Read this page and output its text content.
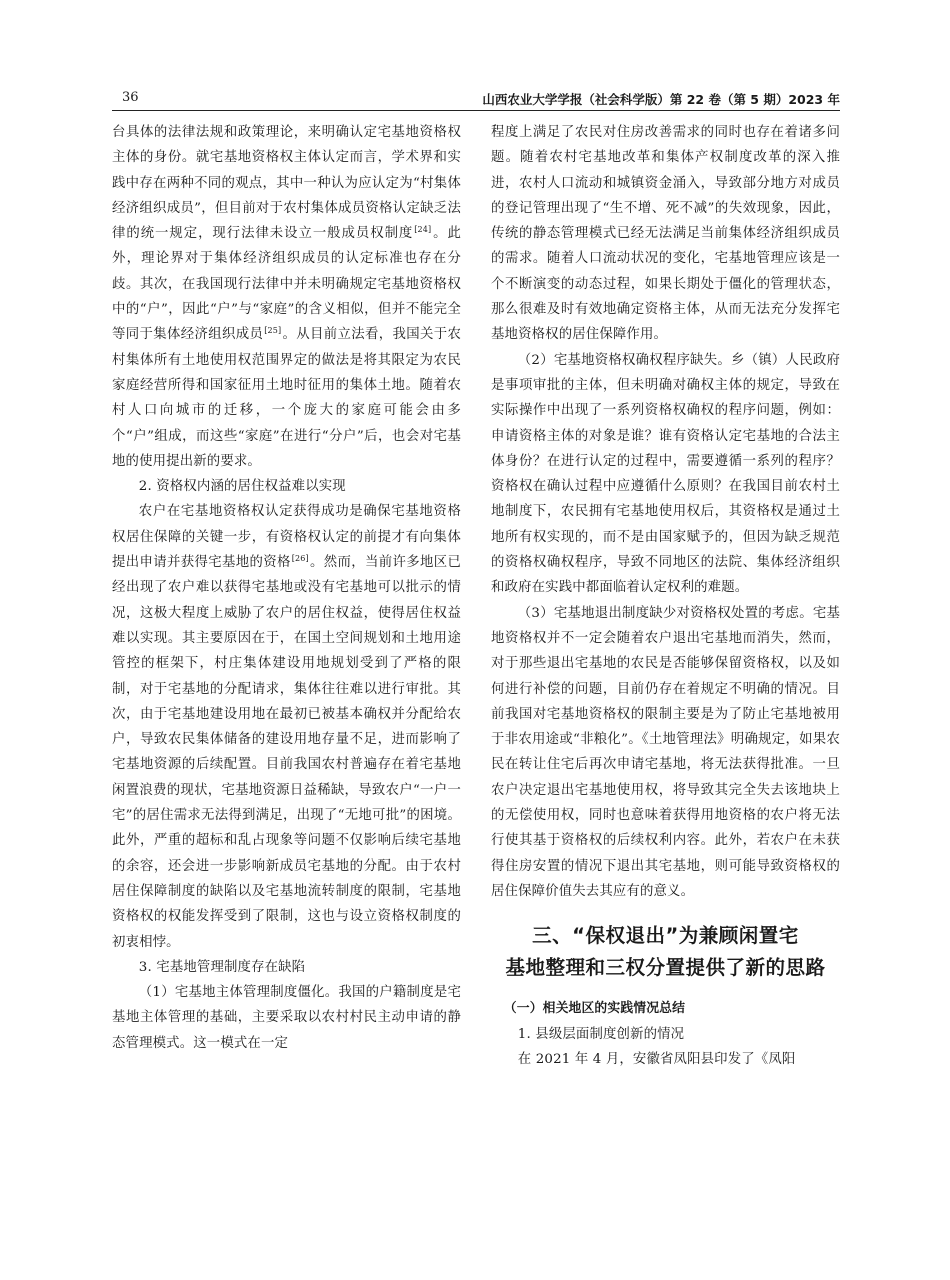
36	山西农业大学学报（社会科学版）第 22 卷（第 5 期）2023 年

台具体的法律法规和政策理论，来明确认定宅基地资格权主体的身份。就宅基地资格权主体认定而言，学术界和实践中存在两种不同的观点，其中一种认为应认定为“村集体经济组织成员”，但目前对于农村集体成员资格认定缺乏法律的统一规定，现行法律未设立一般成员权制度[24]。此外，理论界对于集体经济组织成员的认定标准也存在分歧。其次，在我国现行法律中并未明确规定宅基地资格权中的“户”，因此“户”与“家庭”的含义相似，但并不能完全等同于集体经济组织成员[25]。从目前立法看，我国关于农村集体所有土地使用权范围界定的做法是将其限定为农民家庭经营所得和国家征用土地时征用的集体土地。随着农村人口向城市的迁移，一个庞大的家庭可能会由多个“户”组成，而这些“家庭”在进行“分户”后，也会对宅基地的使用提出新的要求。

2. 资格权内涵的居住权益难以实现

农户在宅基地资格权认定获得成功是确保宅基地资格权居住保障的关键一步，有资格权认定的前提才有向集体提出申请并获得宅基地的资格[26]。然而，当前许多地区已经出现了农户难以获得宅基地或没有宅基地可以批示的情况，这极大程度上威胁了农户的居住权益，使得居住权益难以实现。其主要原因在于，在国土空间规划和土地用途管控的框架下，村庄集体建设用地规划受到了严格的限制，对于宅基地的分配请求，集体往往难以进行审批。其次，由于宅基地建设用地在最初已被基本确权并分配给农户，导致农民集体储备的建设用地存量不足，进而影响了宅基地资源的后续配置。目前我国农村普遍存在着宅基地闲置浪费的现状，宅基地资源日益稀缺，导致农户“一户一宅”的居住需求无法得到满足，出现了“无地可批”的困境。此外，严重的超标和乱占现象等问题不仅影响后续宅基地的余容，还会进一步影响新成员宅基地的分配。由于农村居住保障制度的缺陷以及宅基地流转制度的限制，宅基地资格权的权能发挥受到了限制，这也与设立资格权制度的初衷相悖。

3. 宅基地管理制度存在缺陷

（1）宅基地主体管理制度僵化。我国的户籍制度是宅基地主体管理的基础，主要采取以农村村民主动申请的静态管理模式。这一模式在一定

程度上满足了农民对住房改善需求的同时也存在着诸多问题。随着农村宅基地改革和集体产权制度改革的深入推进，农村人口流动和城镇资金涌入，导致部分地方对成员的登记管理出现了“生不增、死不减”的失效现象，因此，传统的静态管理模式已经无法满足当前集体经济组织成员的需求。随着人口流动状况的变化，宅基地管理应该是一个不断演变的动态过程，如果长期处于僵化的管理状态，那么很难及时有效地确定资格主体，从而无法充分发挥宅基地资格权的居住保障作用。

（2）宅基地资格权确权程序缺失。乡（镇）人民政府是事项审批的主体，但未明确对确权主体的规定，导致在实际操作中出现了一系列资格权确权的程序问题，例如：申请资格主体的对象是谁？谁有资格认定宅基地的合法主体身份？在进行认定的过程中，需要遵循一系列的程序？资格权在确认过程中应遵循什么原则？在我国目前农村土地制度下，农民拥有宅基地使用权后，其资格权是通过土地所有权实现的，而不是由国家赋予的，但因为缺乏规范的资格权确权程序，导致不同地区的法院、集体经济组织和政府在实践中都面临着认定权利的难题。

（3）宅基地退出制度缺少对资格权处置的考虑。宅基地资格权并不一定会随着农户退出宅基地而消失，然而，对于那些退出宅基地的农民是否能够保留资格权，以及如何进行补偿的问题，目前仍存在着规定不明确的情况。目前我国对宅基地资格权的限制主要是为了防止宅基地被用于非农用途或“非粮化”。《土地管理法》明确规定，如果农民在转让住宅后再次申请宅基地，将无法获得批准。一旦农户决定退出宅基地使用权，将导致其完全失去该地块上的无偿使用权，同时也意味着获得用地资格的农户将无法行使其基于资格权的后续权利内容。此外，若农户在未获得住房安置的情况下退出其宅基地，则可能导致资格权的居住保障价值失去其应有的意义。

三、“保权退出”为兼顾闲置宅
基地整理和三权分置提供了新的思路

（一）相关地区的实践情况总结

1. 县级层面制度创新的情况

在 2021 年 4 月，安徽省凤阳县印发了《凤阳
